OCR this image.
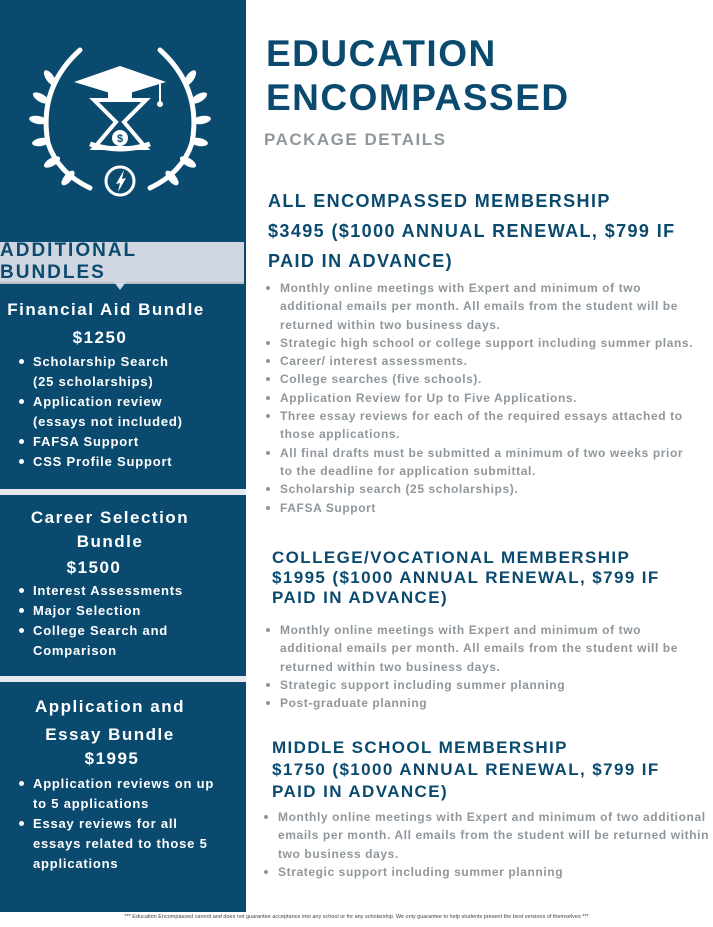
$
ADDITIONAL BUNDLES
Financial Aid Bundle
$1250
Scholarship Search
(25 scholarships)
Application review
(essays not included)
FAFSA Support
CSS Profile Support
Career Selection
Bundle
$1500
Interest Assessments
Major Selection
College Search and
Comparison
Application and
Essay Bundle
$1995
Application reviews on up
to 5 applications
Essay reviews for all
essays related to those 5
applications
EDUCATION
ENCOMPASSED
PACKAGE DETAILS
ALL ENCOMPASSED MEMBERSHIP
$3495 ($1000 ANNUAL RENEWAL, $799 IF
PAID IN ADVANCE)
Monthly online meetings with Expert and minimum of two
additional emails per month. All emails from the student will be
returned within two business days.
Strategic high school or college support including summer plans.
Career/ interest assessments.
College searches (five schools).
Application Review for Up to Five Applications.
Three essay reviews for each of the required essays attached to
those applications.
All final drafts must be submitted a minimum of two weeks prior
to the deadline for application submittal.
Scholarship search (25 scholarships).
FAFSA Support
COLLEGE/VOCATIONAL MEMBERSHIP
$1995 ($1000 ANNUAL RENEWAL, $799 IF
PAID IN ADVANCE)
Monthly online meetings with Expert and minimum of two
additional emails per month. All emails from the student will be
returned within two business days.
Strategic support including summer planning
Post-graduate planning
MIDDLE SCHOOL MEMBERSHIP
$1750 ($1000 ANNUAL RENEWAL, $799 IF
PAID IN ADVANCE)
Monthly online meetings with Expert and minimum of two additional
emails per month. All emails from the student will be returned within
two business days.
Strategic support including summer planning
*** Education Encompassed cannot and does not guarantee acceptance into any school or for any scholarship. We only guarantee to help students present the best versions of themselves ***
